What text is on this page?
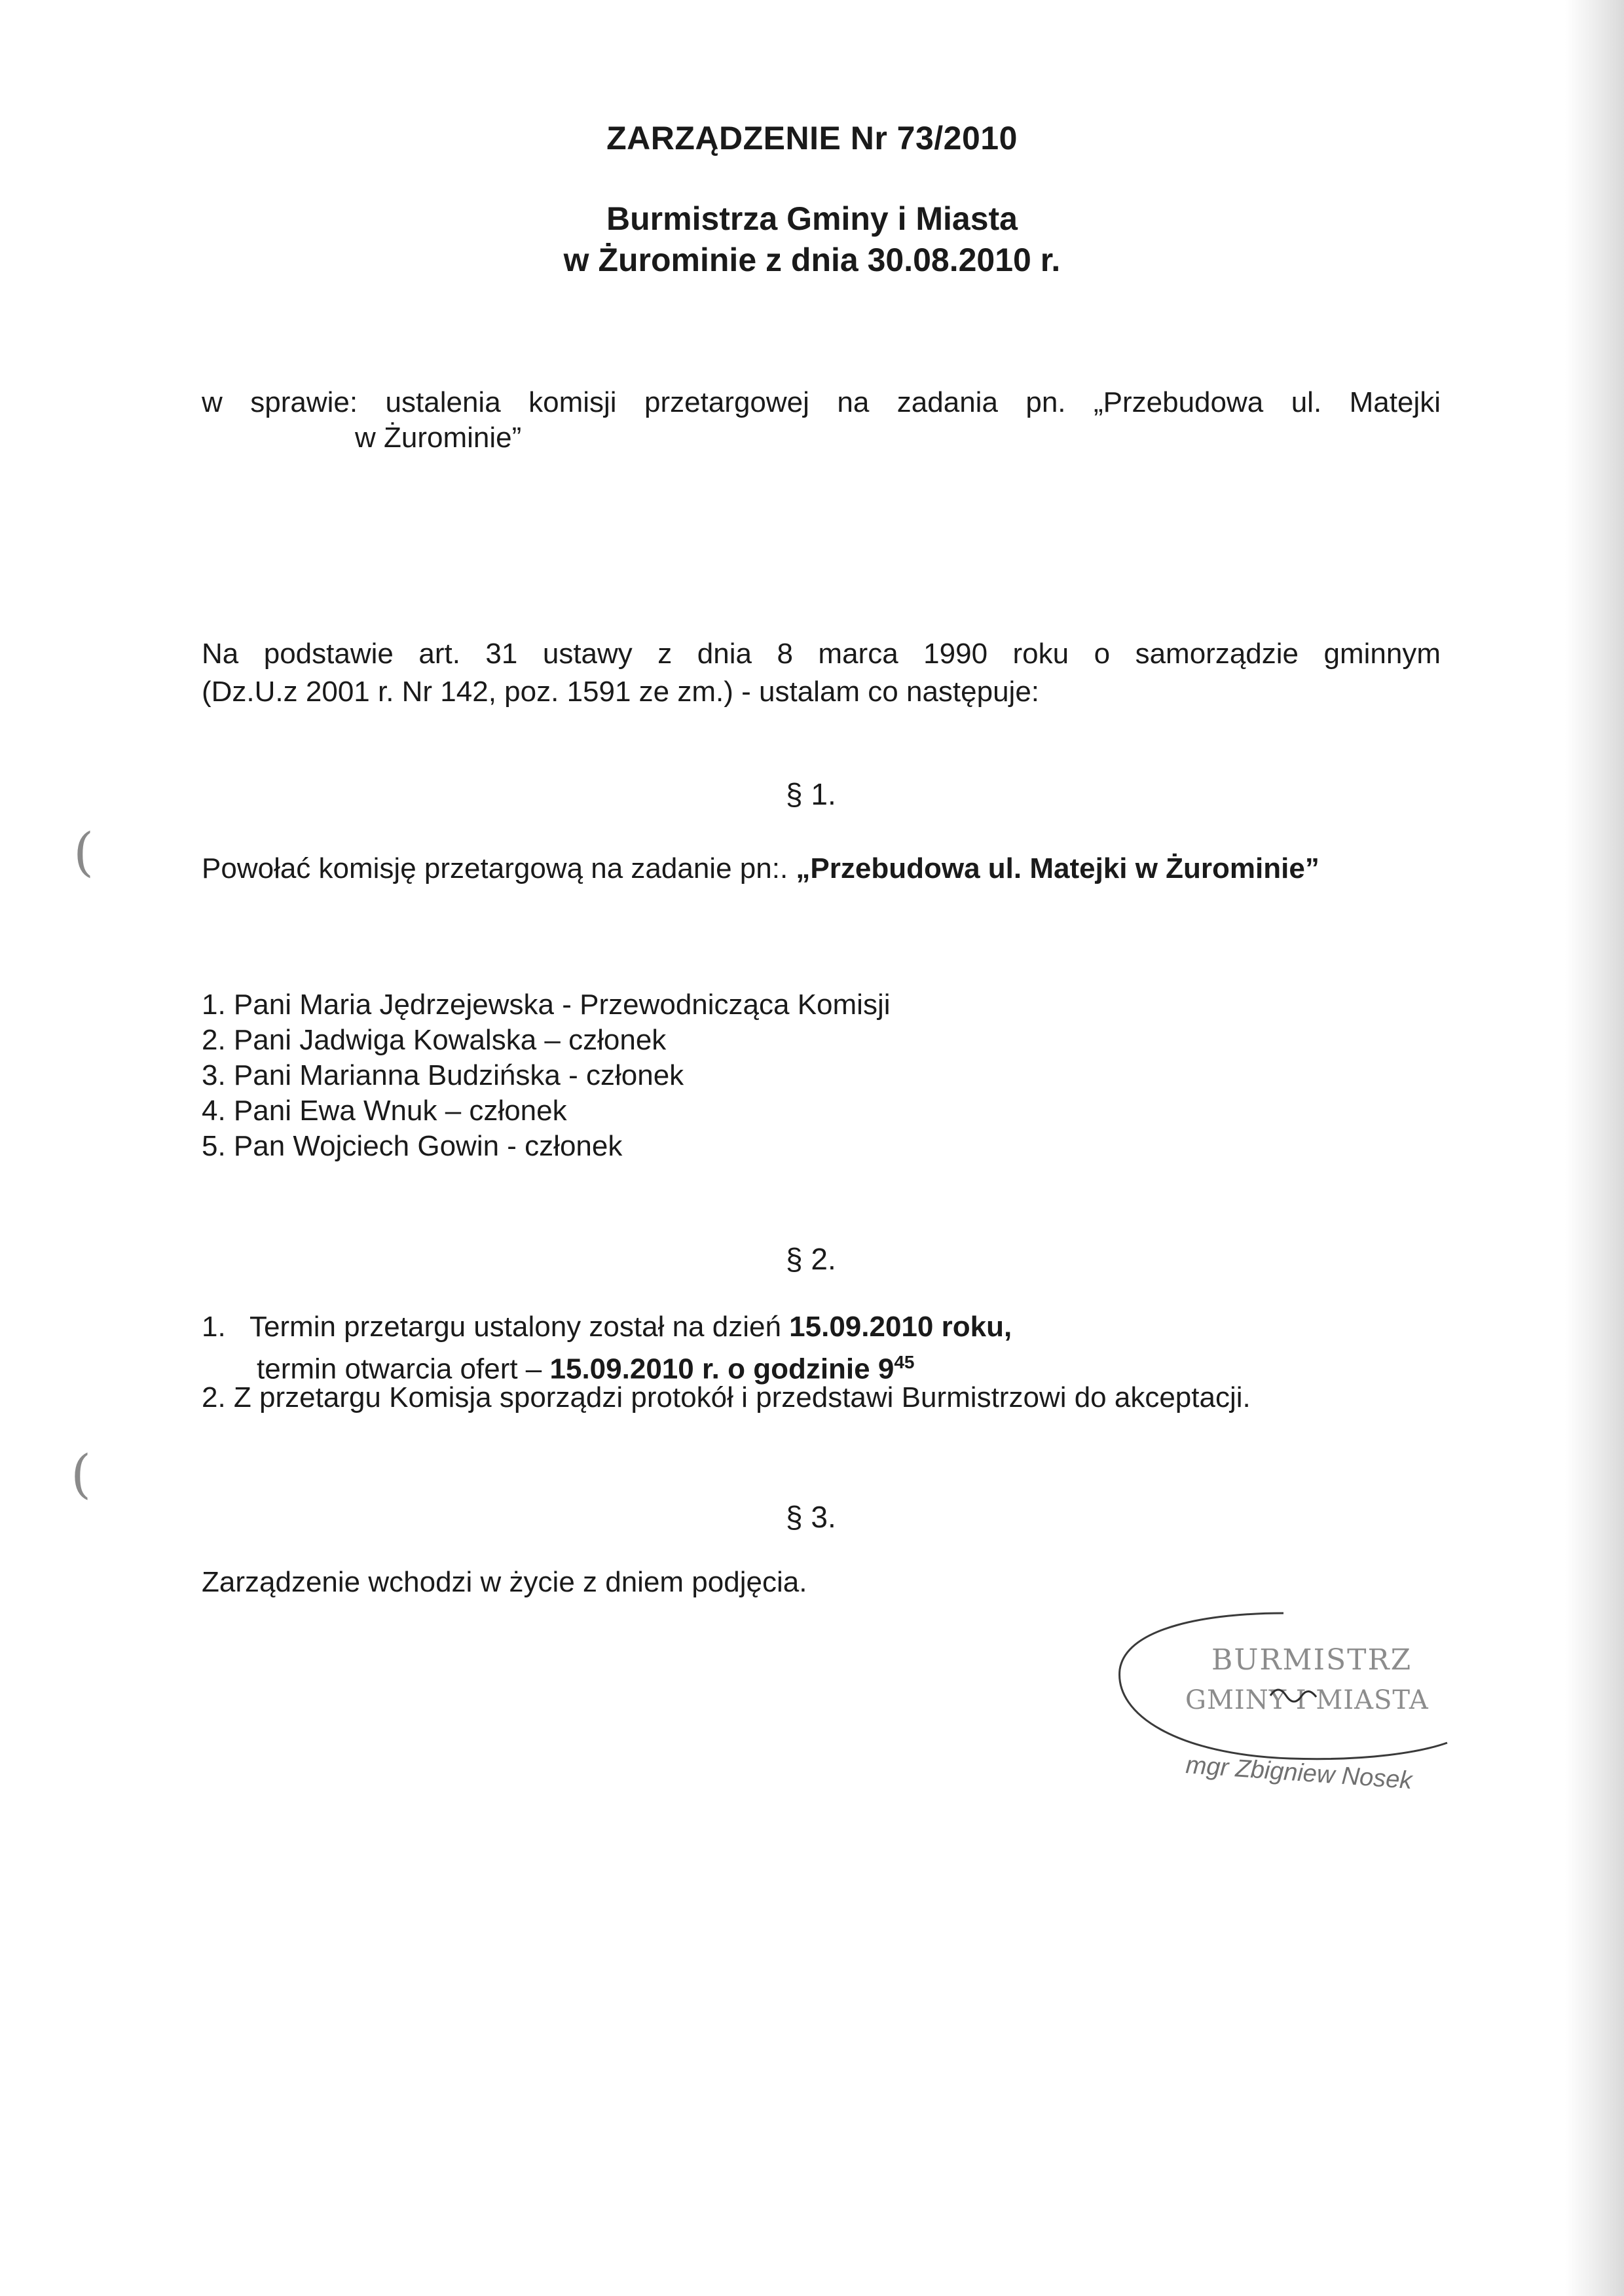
(
(
ZARZĄDZENIE Nr 73/2010
Burmistrza Gminy i Miasta
w Żurominie z dnia 30.08.2010 r.
w sprawie: ustalenia komisji przetargowej na zadania pn. „Przebudowa ul. Matejki
w Żurominie”
Na podstawie art. 31 ustawy z dnia 8 marca 1990 roku o samorządzie gminnym
(Dz.U.z 2001 r. Nr 142, poz. 1591 ze zm.) - ustalam co następuje:
§ 1.
Powołać komisję przetargową na zadanie pn:. „Przebudowa ul. Matejki w Żurominie”
1. Pani Maria Jędrzejewska - Przewodnicząca Komisji
2. Pani Jadwiga Kowalska – członek
3. Pani Marianna Budzińska - członek
4. Pani Ewa Wnuk – członek
5. Pan Wojciech Gowin - członek
§ 2.
1. Termin przetargu ustalony został na dzień 15.09.2010 roku,
termin otwarcia ofert – 15.09.2010 r. o godzinie $9^{45}$
2. Z przetargu Komisja sporządzi protokół i przedstawi Burmistrzowi do akceptacji.
§ 3.
Zarządzenie wchodzi w życie z dniem podjęcia.
BURMISTRZ
GMINY I MIASTA
mgr Zbigniew Nosek
